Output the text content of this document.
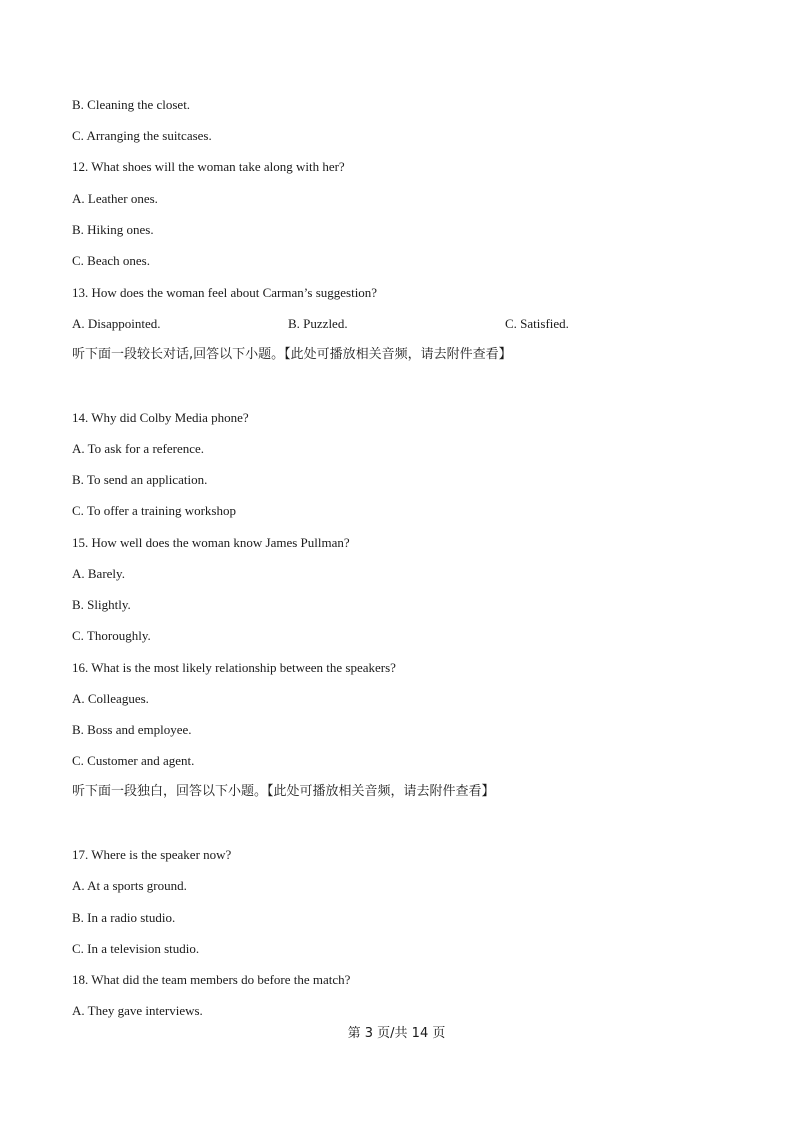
B. Cleaning the closet.
C. Arranging the suitcases.
12. What shoes will the woman take along with her?
A. Leather ones.
B. Hiking ones.
C. Beach ones.
13. How does the woman feel about Carman’s suggestion?
A. Disappointed.	B. Puzzled.	C. Satisfied.
听下面一段较长对话,回答以下小题。【此处可播放相关音频，请去附件查看】
14. Why did Colby Media phone?
A. To ask for a reference.
B. To send an application.
C. To offer a training workshop
15. How well does the woman know James Pullman?
A. Barely.
B. Slightly.
C. Thoroughly.
16. What is the most likely relationship between the speakers?
A. Colleagues.
B. Boss and employee.
C. Customer and agent.
听下面一段独白，回答以下小题。【此处可播放相关音频，请去附件查看】
17. Where is the speaker now?
A. At a sports ground.
B. In a radio studio.
C. In a television studio.
18. What did the team members do before the match?
A. They gave interviews.
第 3 页/共 14 页
